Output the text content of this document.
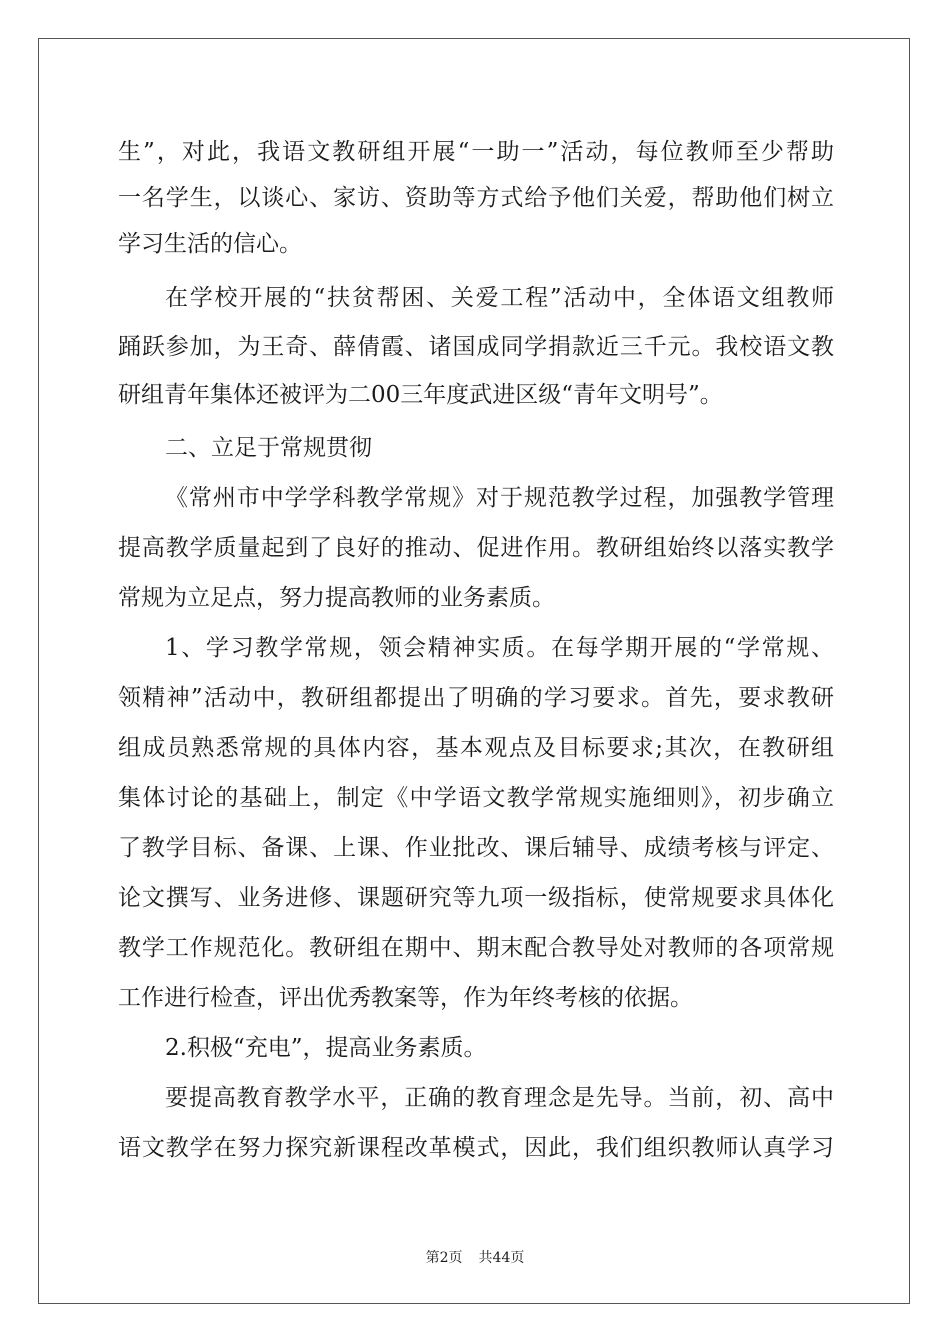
生”，对此，我语文教研组开展“一助一”活动，每位教师至少帮助
一名学生，以谈心、家访、资助等方式给予他们关爱，帮助他们树立
学习生活的信心。
在学校开展的“扶贫帮困、关爱工程”活动中，全体语文组教师
踊跃参加，为王奇、薛倩霞、诸国成同学捐款近三千元。我校语文教
研组青年集体还被评为二00三年度武进区级“青年文明号”。
二、立足于常规贯彻
《常州市中学学科教学常规》对于规范教学过程，加强教学管理
提高教学质量起到了良好的推动、促进作用。教研组始终以落实教学
常规为立足点，努力提高教师的业务素质。
1、学习教学常规，领会精神实质。在每学期开展的“学常规、
领精神”活动中，教研组都提出了明确的学习要求。首先，要求教研
组成员熟悉常规的具体内容，基本观点及目标要求;其次，在教研组
集体讨论的基础上，制定《中学语文教学常规实施细则》，初步确立
了教学目标、备课、上课、作业批改、课后辅导、成绩考核与评定、
论文撰写、业务进修、课题研究等九项一级指标，使常规要求具体化
教学工作规范化。教研组在期中、期末配合教导处对教师的各项常规
工作进行检查，评出优秀教案等，作为年终考核的依据。
2.积极“充电”，提高业务素质。
要提高教育教学水平，正确的教育理念是先导。当前，初、高中
语文教学在努力探究新课程改革模式，因此，我们组织教师认真学习
第2页 共44页
